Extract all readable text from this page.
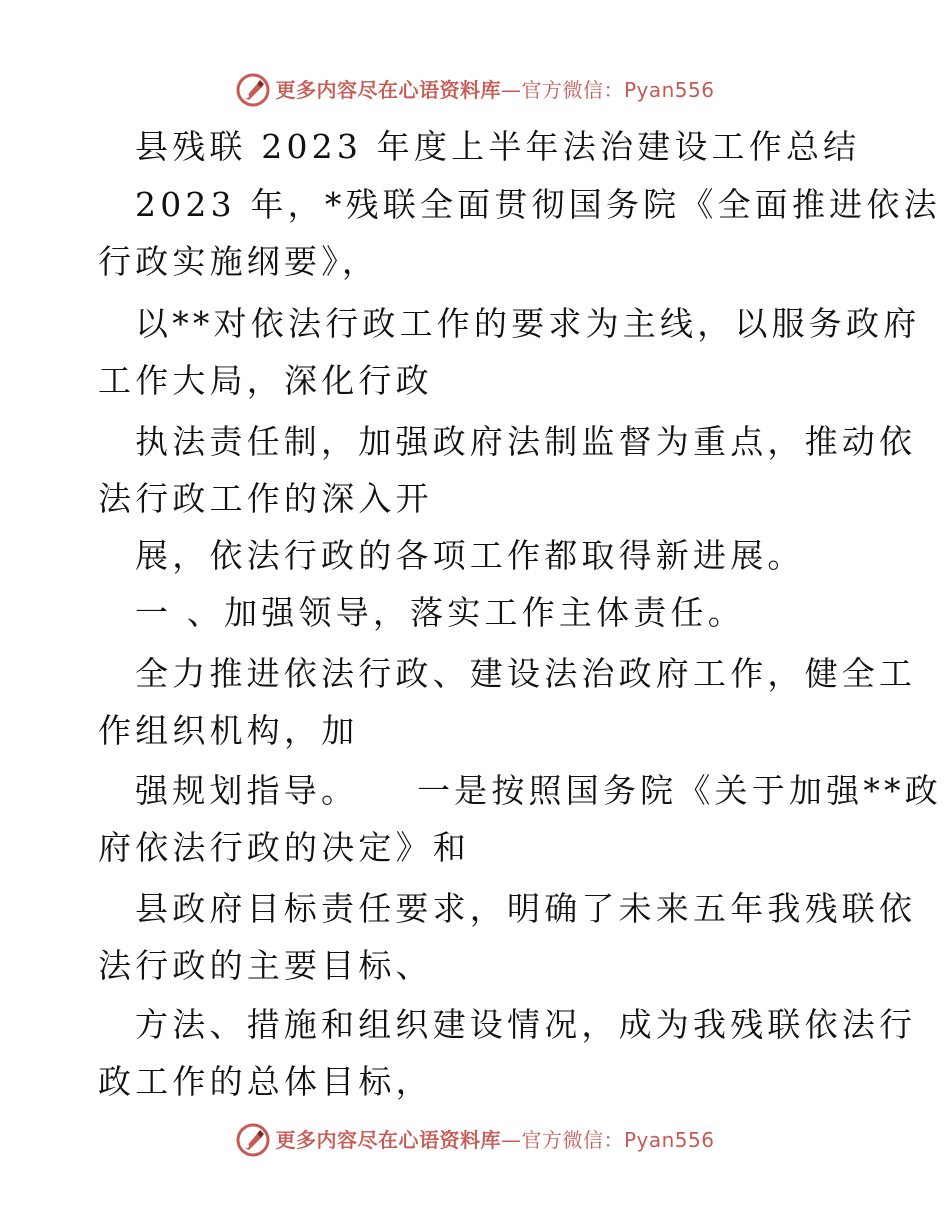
更多内容尽在心语资料库 —官方微信：Pyan556
县残联 2023 年度上半年法治建设工作总结
2023 年，*残联全面贯彻国务院《全面推进依法
行政实施纲要》，
以**对依法行政工作的要求为主线，以服务政府
工作大局，深化行政
执法责任制，加强政府法制监督为重点，推动依
法行政工作的深入开
展，依法行政的各项工作都取得新进展。
一 、加强领导，落实工作主体责任。
全力推进依法行政、建设法治政府工作，健全工
作组织机构，加
强规划指导。    一是按照国务院《关于加强**政
府依法行政的决定》和
县政府目标责任要求，明确了未来五年我残联依
法行政的主要目标、
方法、措施和组织建设情况，成为我残联依法行
政工作的总体目标，
更多内容尽在心语资料库 —官方微信：Pyan556
